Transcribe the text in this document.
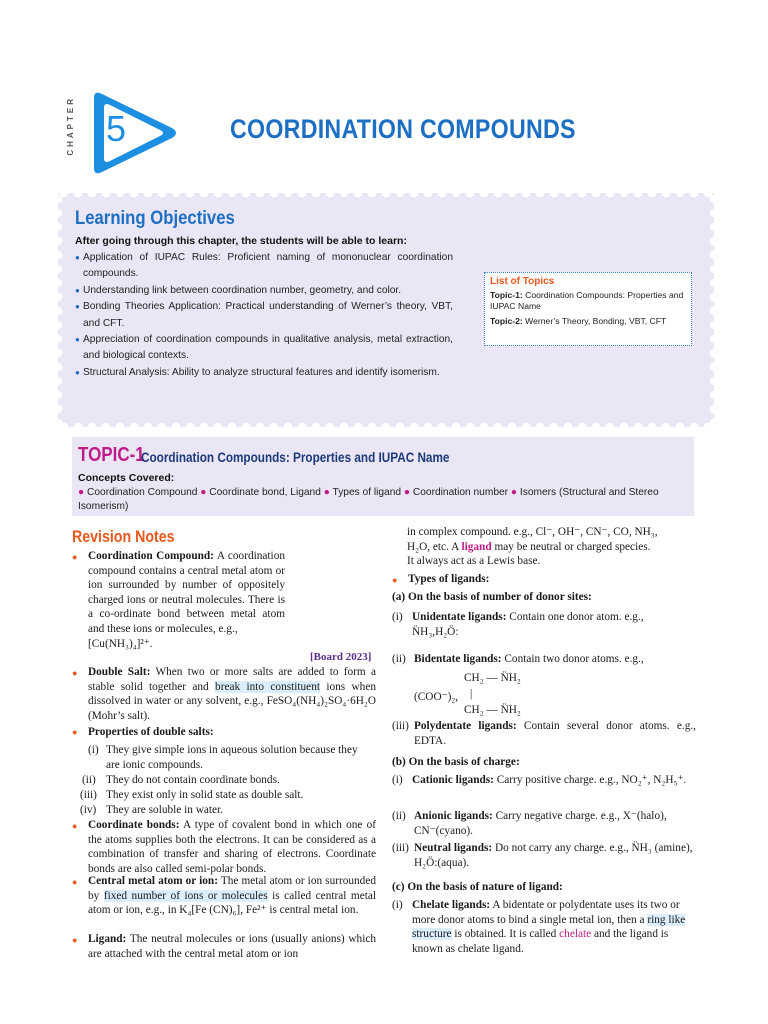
CHAPTER 5	COORDINATION COMPOUNDS
Learning Objectives
After going through this chapter, the students will be able to learn:
● Application of IUPAC Rules: Proficient naming of mononuclear coordination compounds.
● Understanding link between coordination number, geometry, and color.
● Bonding Theories Application: Practical understanding of Werner’s theory, VBT, and CFT.
● Appreciation of coordination compounds in qualitative analysis, metal extraction, and biological contexts.
● Structural Analysis: Ability to analyze structural features and identify isomerism.
List of Topics
Topic-1: Coordination Compounds: Properties and IUPAC Name
Topic-2: Werner’s Theory, Bonding, VBT, CFT
TOPIC-1
Coordination Compounds: Properties and IUPAC Name
Concepts Covered:
● Coordination Compound ● Coordinate bond, Ligand ● Types of ligand ● Coordination number ● Isomers (Structural and Stereo Isomerism)
Revision Notes
● Coordination Compound: A coordination compound contains a central metal atom or ion surrounded by number of oppositely charged ions or neutral molecules. There is a co-ordinate bond between metal atom and these ions or molecules, e.g.,
[Cu(NH₃)₄]²⁺.
[Board 2023]
● Double Salt: When two or more salts are added to form a stable solid together and break into constituent ions when dissolved in water or any solvent, e.g., FeSO₄(NH₄)₂SO₄·6H₂O (Mohr’s salt).
● Properties of double salts:
(i) They give simple ions in aqueous solution because they are ionic compounds.
(ii) They do not contain coordinate bonds.
(iii) They exist only in solid state as double salt.
(iv) They are soluble in water.
● Coordinate bonds: A type of covalent bond in which one of the atoms supplies both the electrons. It can be considered as a combination of transfer and sharing of electrons. Coordinate bonds are also called semi-polar bonds.
● Central metal atom or ion: The metal atom or ion surrounded by fixed number of ions or molecules is called central metal atom or ion, e.g., in K₄[Fe (CN)₆], Fe²⁺ is central metal ion.
● Ligand: The neutral molecules or ions (usually anions) which are attached with the central metal atom or ion
in complex compound. e.g., Cl⁻, OH⁻, CN⁻, CO, NH₃,
H₂O, etc. A ligand may be neutral or charged species.
It always act as a Lewis base.
● Types of ligands:
(a) On the basis of number of donor sites:
(i) Unidentate ligands: Contain one donor atom. e.g.,
N̈H₃,H₂Ö:
(ii) Bidentate ligands: Contain two donor atoms. e.g.,
CH₂ — N̈H₂
(COO⁻)₂, |
CH₂ — N̈H₂
(iii) Polydentate ligands: Contain several donor atoms. e.g., EDTA.
(b) On the basis of charge:
(i) Cationic ligands: Carry positive charge. e.g., NO₂⁺, N₂H₅⁺.
(ii) Anionic ligands: Carry negative charge. e.g., X⁻(halo), CN⁻(cyano).
(iii) Neutral ligands: Do not carry any charge. e.g., N̈H₃ (amine), H₂Ö:(aqua).
(c) On the basis of nature of ligand:
(i) Chelate ligands: A bidentate or polydentate uses its two or more donor atoms to bind a single metal ion, then a ring like structure is obtained. It is called chelate and the ligand is known as chelate ligand.
